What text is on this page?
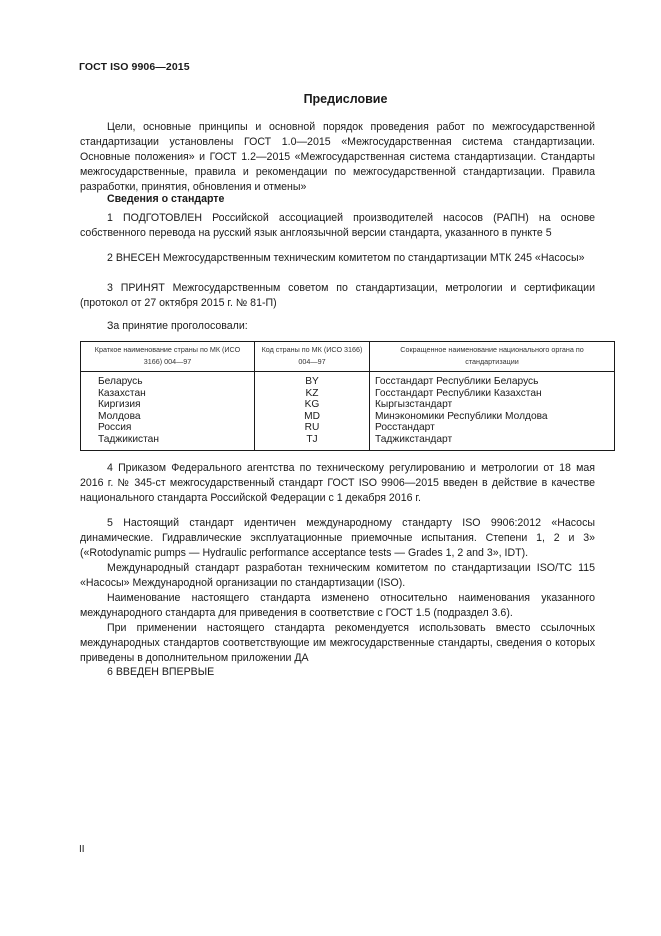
ГОСТ ISO 9906—2015
Предисловие

Цели, основные принципы и основной порядок проведения работ по межгосударственной стандартизации установлены ГОСТ 1.0—2015 «Межгосударственная система стандартизации. Основные положения» и ГОСТ 1.2—2015 «Межгосударственная система стандартизации. Стандарты межгосударственные, правила и рекомендации по межгосударственной стандартизации. Правила разработки, принятия, обновления и отмены»

Сведения о стандарте

1 ПОДГОТОВЛЕН Российской ассоциацией производителей насосов (РАПН) на основе собственного перевода на русский язык англоязычной версии стандарта, указанного в пункте 5

2 ВНЕСЕН Межгосударственным техническим комитетом по стандартизации МТК 245 «Насосы»

3 ПРИНЯТ Межгосударственным советом по стандартизации, метрологии и сертификации (протокол от 27 октября 2015 г. № 81-П)

За принятие проголосовали:
Краткое наименование страны по МК (ИСО 3166) 004—97	Код страны по МК (ИСО 3166) 004—97	Сокращенное наименование национального органа по стандартизации
Беларусь	BY	Госстандарт Республики Беларусь
Казахстан	KZ	Госстандарт Республики Казахстан
Киргизия	KG	Кыргызстандарт
Молдова	MD	Минэкономики Республики Молдова
Россия	RU	Росстандарт
Таджикистан	TJ	Таджикстандарт

4 Приказом Федерального агентства по техническому регулированию и метрологии от 18 мая 2016 г. № 345-ст межгосударственный стандарт ГОСТ ISO 9906—2015 введен в действие в качестве национального стандарта Российской Федерации с 1 декабря 2016 г.

5 Настоящий стандарт идентичен международному стандарту ISO 9906:2012 «Насосы динамические. Гидравлические эксплуатационные приемочные испытания. Степени 1, 2 и 3» («Rotodynamic pumps — Hydraulic performance acceptance tests — Grades 1, 2 and 3», IDT).

Международный стандарт разработан техническим комитетом по стандартизации ISO/TC 115 «Насосы» Международной организации по стандартизации (ISO).

Наименование настоящего стандарта изменено относительно наименования указанного международного стандарта для приведения в соответствие с ГОСТ 1.5 (подраздел 3.6).

При применении настоящего стандарта рекомендуется использовать вместо ссылочных международных стандартов соответствующие им межгосударственные стандарты, сведения о которых приведены в дополнительном приложении ДА

6 ВВЕДЕН ВПЕРВЫЕ

II
